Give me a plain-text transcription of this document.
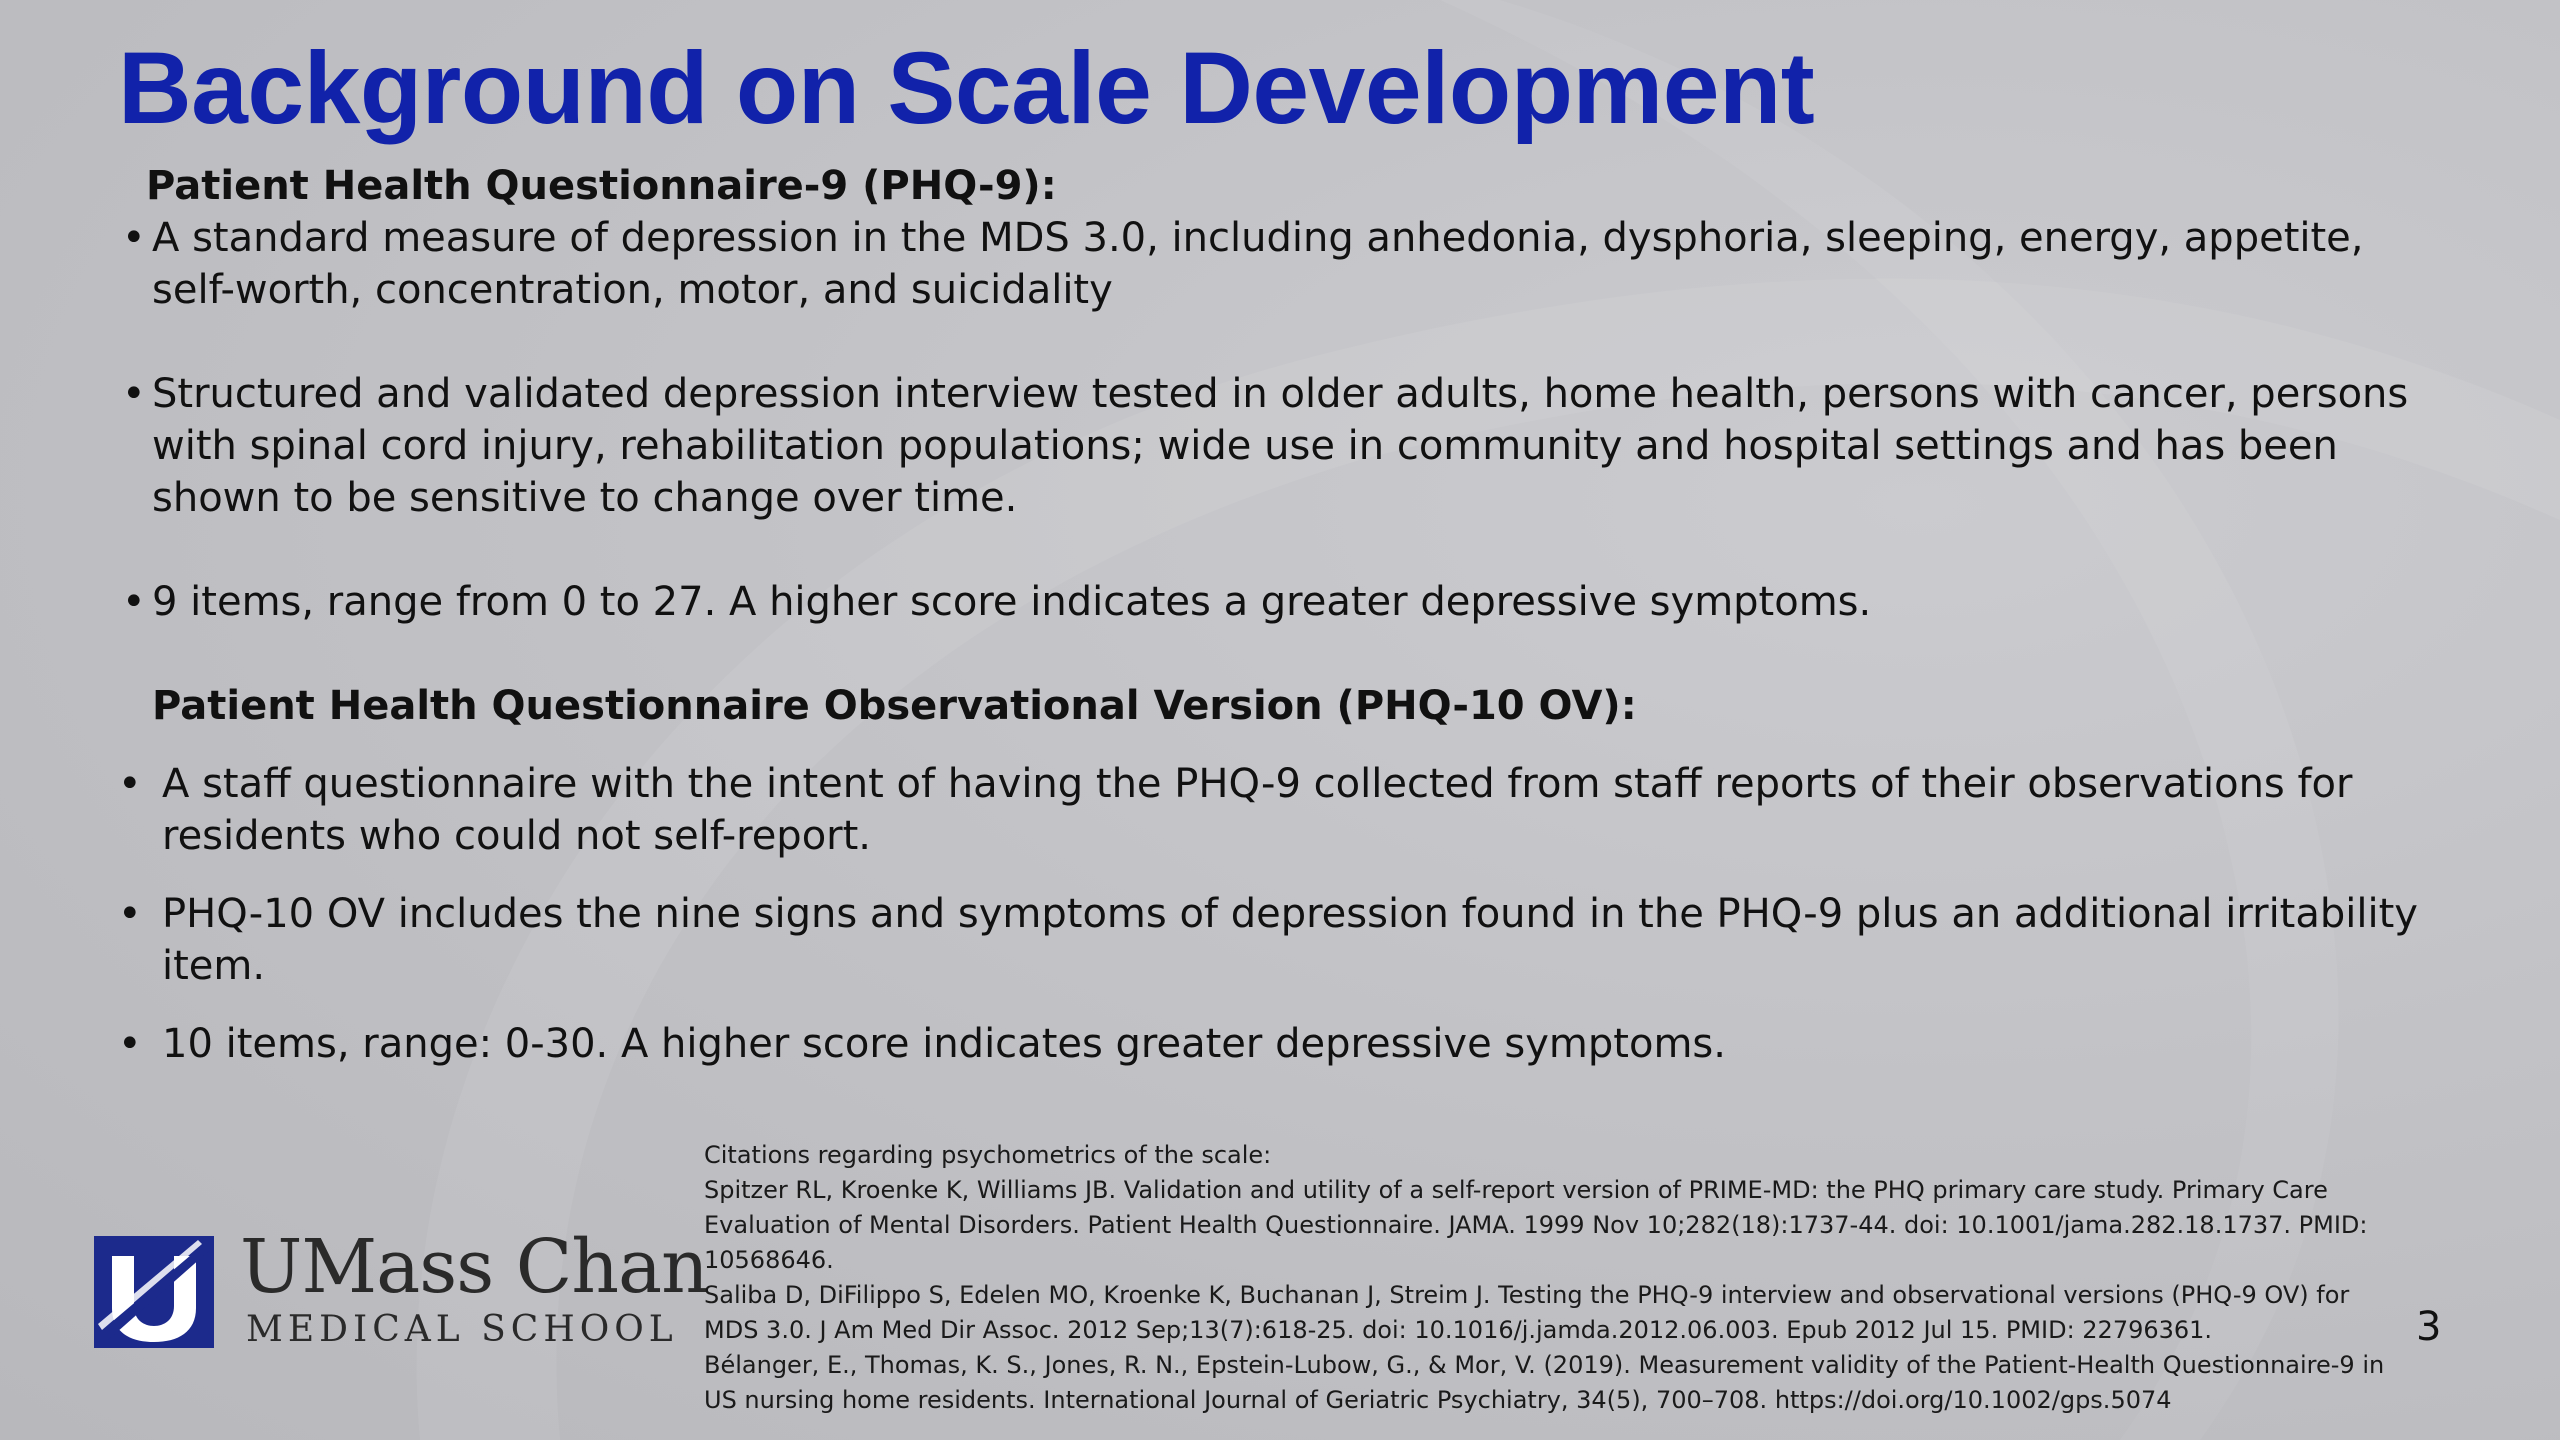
Background on Scale Development

Patient Health Questionnaire-9 (PHQ-9):

• A standard measure of depression in the MDS 3.0, including anhedonia, dysphoria, sleeping, energy, appetite, self-worth, concentration, motor, and suicidality
• Structured and validated depression interview tested in older adults, home health, persons with cancer, persons with spinal cord injury, rehabilitation populations; wide use in community and hospital settings and has been shown to be sensitive to change over time.
• 9 items, range from 0 to 27. A higher score indicates a greater depressive symptoms.

Patient Health Questionnaire Observational Version (PHQ-10 OV):

• A staff questionnaire with the intent of having the PHQ-9 collected from staff reports of their observations for residents who could not self-report.
• PHQ-10 OV includes the nine signs and symptoms of depression found in the PHQ-9 plus an additional irritability item.
• 10 items, range: 0-30. A higher score indicates greater depressive symptoms.
UMass Chan
MEDICAL SCHOOL

Citations regarding psychometrics of the scale:

Spitzer RL, Kroenke K, Williams JB. Validation and utility of a self-report version of PRIME-MD: the PHQ primary care study. Primary Care Evaluation of Mental Disorders. Patient Health Questionnaire. JAMA. 1999 Nov 10;282(18):1737-44. doi: 10.1001/jama.282.18.1737. PMID: 10568646.

Saliba D, DiFilippo S, Edelen MO, Kroenke K, Buchanan J, Streim J. Testing the PHQ-9 interview and observational versions (PHQ-9 OV) for MDS 3.0. J Am Med Dir Assoc. 2012 Sep;13(7):618-25. doi: 10.1016/j.jamda.2012.06.003. Epub 2012 Jul 15. PMID: 22796361.

Bélanger, E., Thomas, K. S., Jones, R. N., Epstein-Lubow, G., & Mor, V. (2019). Measurement validity of the Patient-Health Questionnaire-9 in US nursing home residents. International Journal of Geriatric Psychiatry, 34(5), 700–708. https://doi.org/10.1002/gps.5074

3
